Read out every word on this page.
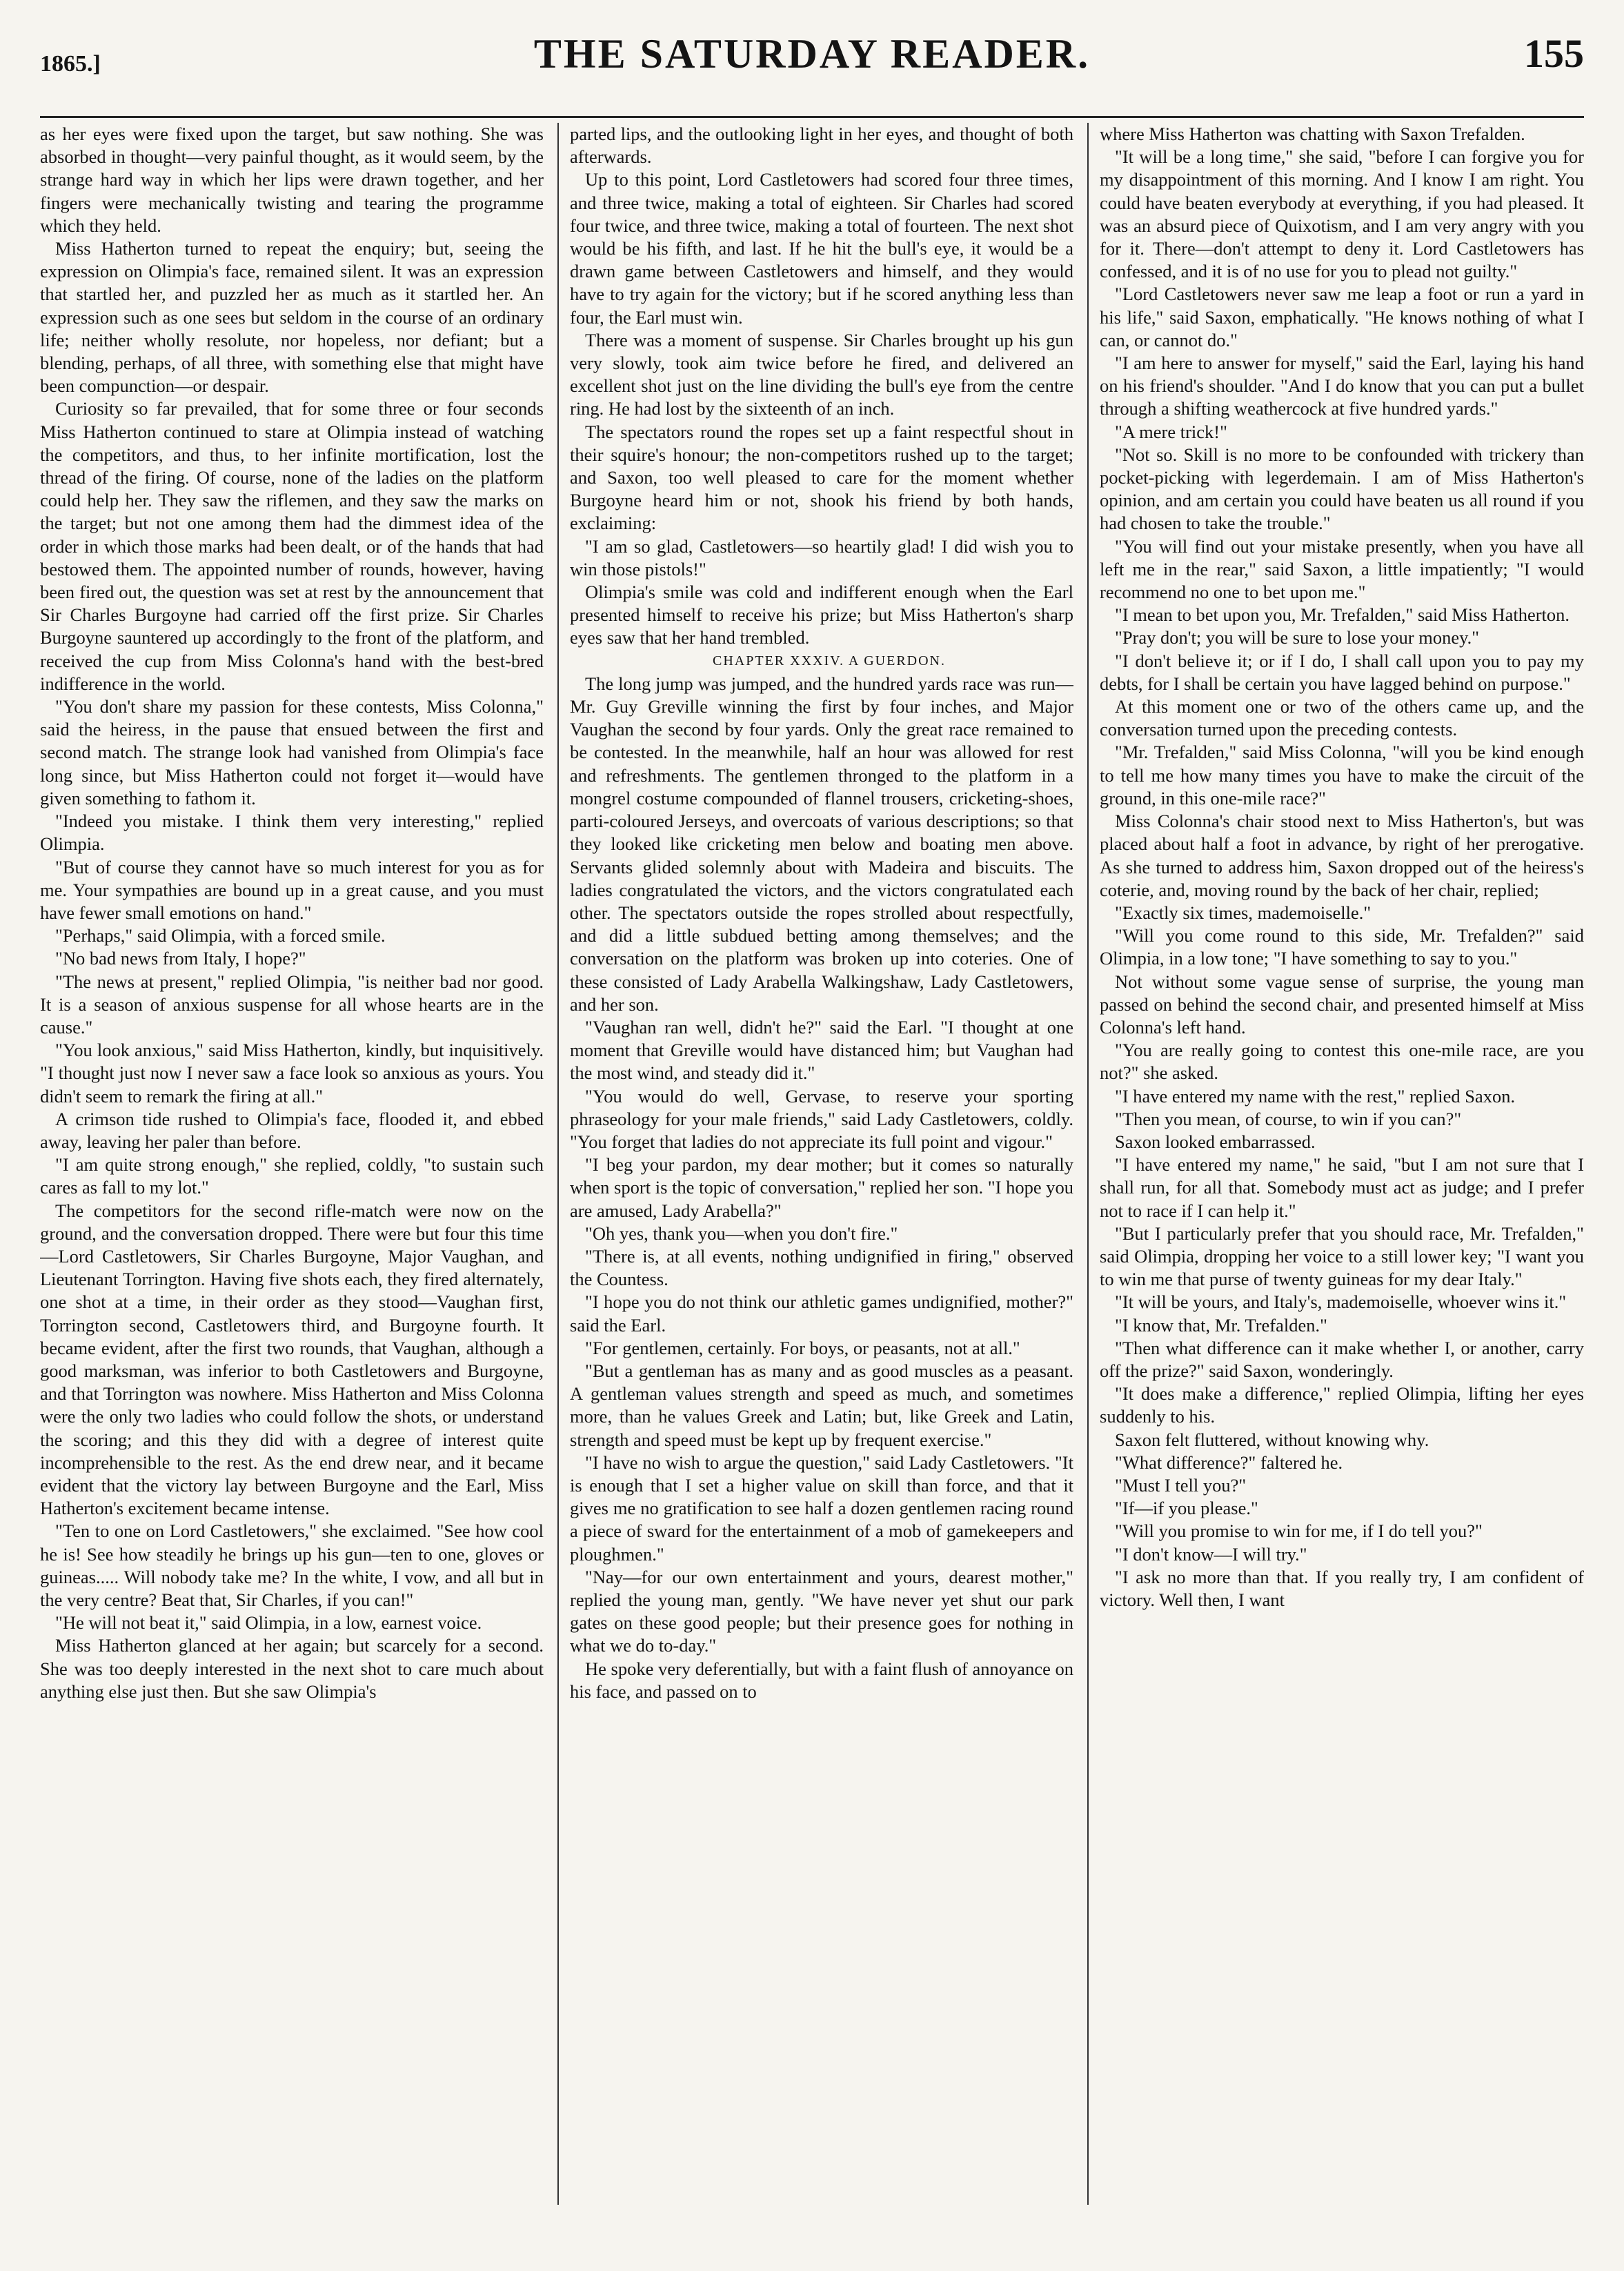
1865.]	THE SATURDAY READER.	155

as her eyes were fixed upon the target, but saw nothing. She was absorbed in thought—very painful thought, as it would seem, by the strange hard way in which her lips were drawn together, and her fingers were mechanically twisting and tearing the programme which they held.

Miss Hatherton turned to repeat the enquiry; but, seeing the expression on Olimpia's face, remained silent. It was an expression that startled her, and puzzled her as much as it startled her. An expression such as one sees but seldom in the course of an ordinary life; neither wholly resolute, nor hopeless, nor defiant; but a blending, perhaps, of all three, with something else that might have been compunction—or despair.

Curiosity so far prevailed, that for some three or four seconds Miss Hatherton continued to stare at Olimpia instead of watching the competitors, and thus, to her infinite mortification, lost the thread of the firing. Of course, none of the ladies on the platform could help her. They saw the riflemen, and they saw the marks on the target; but not one among them had the dimmest idea of the order in which those marks had been dealt, or of the hands that had bestowed them. The appointed number of rounds, however, having been fired out, the question was set at rest by the announcement that Sir Charles Burgoyne had carried off the first prize. Sir Charles Burgoyne sauntered up accordingly to the front of the platform, and received the cup from Miss Colonna's hand with the best-bred indifference in the world.

"You don't share my passion for these contests, Miss Colonna," said the heiress, in the pause that ensued between the first and second match. The strange look had vanished from Olimpia's face long since, but Miss Hatherton could not forget it—would have given something to fathom it.

"Indeed you mistake. I think them very interesting," replied Olimpia.

"But of course they cannot have so much interest for you as for me. Your sympathies are bound up in a great cause, and you must have fewer small emotions on hand."

"Perhaps," said Olimpia, with a forced smile.

"No bad news from Italy, I hope?"

"The news at present," replied Olimpia, "is neither bad nor good. It is a season of anxious suspense for all whose hearts are in the cause."

"You look anxious," said Miss Hatherton, kindly, but inquisitively. "I thought just now I never saw a face look so anxious as yours. You didn't seem to remark the firing at all."

A crimson tide rushed to Olimpia's face, flooded it, and ebbed away, leaving her paler than before.

"I am quite strong enough," she replied, coldly, "to sustain such cares as fall to my lot."

The competitors for the second rifle-match were now on the ground, and the conversation dropped. There were but four this time—Lord Castletowers, Sir Charles Burgoyne, Major Vaughan, and Lieutenant Torrington. Having five shots each, they fired alternately, one shot at a time, in their order as they stood—Vaughan first, Torrington second, Castletowers third, and Burgoyne fourth. It became evident, after the first two rounds, that Vaughan, although a good marksman, was inferior to both Castletowers and Burgoyne, and that Torrington was nowhere. Miss Hatherton and Miss Colonna were the only two ladies who could follow the shots, or understand the scoring; and this they did with a degree of interest quite incomprehensible to the rest. As the end drew near, and it became evident that the victory lay between Burgoyne and the Earl, Miss Hatherton's excitement became intense.

"Ten to one on Lord Castletowers," she exclaimed. "See how cool he is! See how steadily he brings up his gun—ten to one, gloves or guineas..... Will nobody take me? In the white, I vow, and all but in the very centre? Beat that, Sir Charles, if you can!"

"He will not beat it," said Olimpia, in a low, earnest voice.

Miss Hatherton glanced at her again; but scarcely for a second. She was too deeply interested in the next shot to care much about anything else just then. But she saw Olimpia's

parted lips, and the outlooking light in her eyes, and thought of both afterwards.

Up to this point, Lord Castletowers had scored four three times, and three twice, making a total of eighteen. Sir Charles had scored four twice, and three twice, making a total of fourteen. The next shot would be his fifth, and last. If he hit the bull's eye, it would be a drawn game between Castletowers and himself, and they would have to try again for the victory; but if he scored anything less than four, the Earl must win.

There was a moment of suspense. Sir Charles brought up his gun very slowly, took aim twice before he fired, and delivered an excellent shot just on the line dividing the bull's eye from the centre ring. He had lost by the sixteenth of an inch.

The spectators round the ropes set up a faint respectful shout in their squire's honour; the non-competitors rushed up to the target; and Saxon, too well pleased to care for the moment whether Burgoyne heard him or not, shook his friend by both hands, exclaiming:

"I am so glad, Castletowers—so heartily glad! I did wish you to win those pistols!"

Olimpia's smile was cold and indifferent enough when the Earl presented himself to receive his prize; but Miss Hatherton's sharp eyes saw that her hand trembled.

CHAPTER XXXIV. A GUERDON.

The long jump was jumped, and the hundred yards race was run—Mr. Guy Greville winning the first by four inches, and Major Vaughan the second by four yards. Only the great race remained to be contested. In the meanwhile, half an hour was allowed for rest and refreshments. The gentlemen thronged to the platform in a mongrel costume compounded of flannel trousers, cricketing-shoes, parti-coloured Jerseys, and overcoats of various descriptions; so that they looked like cricketing men below and boating men above. Servants glided solemnly about with Madeira and biscuits. The ladies congratulated the victors, and the victors congratulated each other. The spectators outside the ropes strolled about respectfully, and did a little subdued betting among themselves; and the conversation on the platform was broken up into coteries. One of these consisted of Lady Arabella Walkingshaw, Lady Castletowers, and her son.

"Vaughan ran well, didn't he?" said the Earl. "I thought at one moment that Greville would have distanced him; but Vaughan had the most wind, and steady did it."

"You would do well, Gervase, to reserve your sporting phraseology for your male friends," said Lady Castletowers, coldly. "You forget that ladies do not appreciate its full point and vigour."

"I beg your pardon, my dear mother; but it comes so naturally when sport is the topic of conversation," replied her son. "I hope you are amused, Lady Arabella?"

"Oh yes, thank you—when you don't fire."

"There is, at all events, nothing undignified in firing," observed the Countess.

"I hope you do not think our athletic games undignified, mother?" said the Earl.

"For gentlemen, certainly. For boys, or peasants, not at all."

"But a gentleman has as many and as good muscles as a peasant. A gentleman values strength and speed as much, and sometimes more, than he values Greek and Latin; but, like Greek and Latin, strength and speed must be kept up by frequent exercise."

"I have no wish to argue the question," said Lady Castletowers. "It is enough that I set a higher value on skill than force, and that it gives me no gratification to see half a dozen gentlemen racing round a piece of sward for the entertainment of a mob of gamekeepers and ploughmen."

"Nay—for our own entertainment and yours, dearest mother," replied the young man, gently. "We have never yet shut our park gates on these good people; but their presence goes for nothing in what we do to-day."

He spoke very deferentially, but with a faint flush of annoyance on his face, and passed on to

where Miss Hatherton was chatting with Saxon Trefalden.

"It will be a long time," she said, "before I can forgive you for my disappointment of this morning. And I know I am right. You could have beaten everybody at everything, if you had pleased. It was an absurd piece of Quixotism, and I am very angry with you for it. There—don't attempt to deny it. Lord Castletowers has confessed, and it is of no use for you to plead not guilty."

"Lord Castletowers never saw me leap a foot or run a yard in his life," said Saxon, emphatically. "He knows nothing of what I can, or cannot do."

"I am here to answer for myself," said the Earl, laying his hand on his friend's shoulder. "And I do know that you can put a bullet through a shifting weathercock at five hundred yards."

"A mere trick!"

"Not so. Skill is no more to be confounded with trickery than pocket-picking with legerdemain. I am of Miss Hatherton's opinion, and am certain you could have beaten us all round if you had chosen to take the trouble."

"You will find out your mistake presently, when you have all left me in the rear," said Saxon, a little impatiently; "I would recommend no one to bet upon me."

"I mean to bet upon you, Mr. Trefalden," said Miss Hatherton.

"Pray don't; you will be sure to lose your money."

"I don't believe it; or if I do, I shall call upon you to pay my debts, for I shall be certain you have lagged behind on purpose."

At this moment one or two of the others came up, and the conversation turned upon the preceding contests.

"Mr. Trefalden," said Miss Colonna, "will you be kind enough to tell me how many times you have to make the circuit of the ground, in this one-mile race?"

Miss Colonna's chair stood next to Miss Hatherton's, but was placed about half a foot in advance, by right of her prerogative. As she turned to address him, Saxon dropped out of the heiress's coterie, and, moving round by the back of her chair, replied;

"Exactly six times, mademoiselle."

"Will you come round to this side, Mr. Trefalden?" said Olimpia, in a low tone; "I have something to say to you."

Not without some vague sense of surprise, the young man passed on behind the second chair, and presented himself at Miss Colonna's left hand.

"You are really going to contest this one-mile race, are you not?" she asked.

"I have entered my name with the rest," replied Saxon.

"Then you mean, of course, to win if you can?"

Saxon looked embarrassed.

"I have entered my name," he said, "but I am not sure that I shall run, for all that. Somebody must act as judge; and I prefer not to race if I can help it."

"But I particularly prefer that you should race, Mr. Trefalden," said Olimpia, dropping her voice to a still lower key; "I want you to win me that purse of twenty guineas for my dear Italy."

"It will be yours, and Italy's, mademoiselle, whoever wins it."

"I know that, Mr. Trefalden."

"Then what difference can it make whether I, or another, carry off the prize?" said Saxon, wonderingly.

"It does make a difference," replied Olimpia, lifting her eyes suddenly to his.

Saxon felt fluttered, without knowing why.

"What difference?" faltered he.

"Must I tell you?"

"If—if you please."

"Will you promise to win for me, if I do tell you?"

"I don't know—I will try."

"I ask no more than that. If you really try, I am confident of victory. Well then, I want
